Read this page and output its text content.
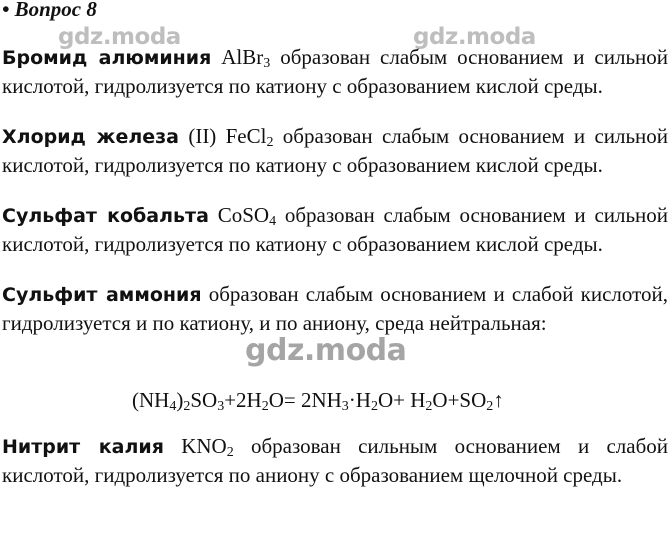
• Вопрос 8
gdz.moda	gdz.moda
Бромид алюминия AlBr$_3$ образован слабым основанием и сильной кислотой, гидролизуется по катиону с образованием кислой среды.
Хлорид железа (II) FeCl$_2$ образован слабым основанием и сильной кислотой, гидролизуется по катиону с образованием кислой среды.
Сульфат кобальта CoSO$_4$ образован слабым основанием и сильной кислотой, гидролизуется по катиону с образованием кислой среды.
Сульфит аммония образован слабым основанием и слабой кислотой, гидролизуется и по катиону, и по аниону, среда нейтральная:
gdz.moda
$(NH_4)_2SO_3+2H_2O= 2NH_3\cdot H_2O+$ $H_2O+SO_2↑$
Нитрит калия $KNO_2$ образован сильным основанием и слабой кислотой, гидролизуется по аниону с образованием щелочной среды.
